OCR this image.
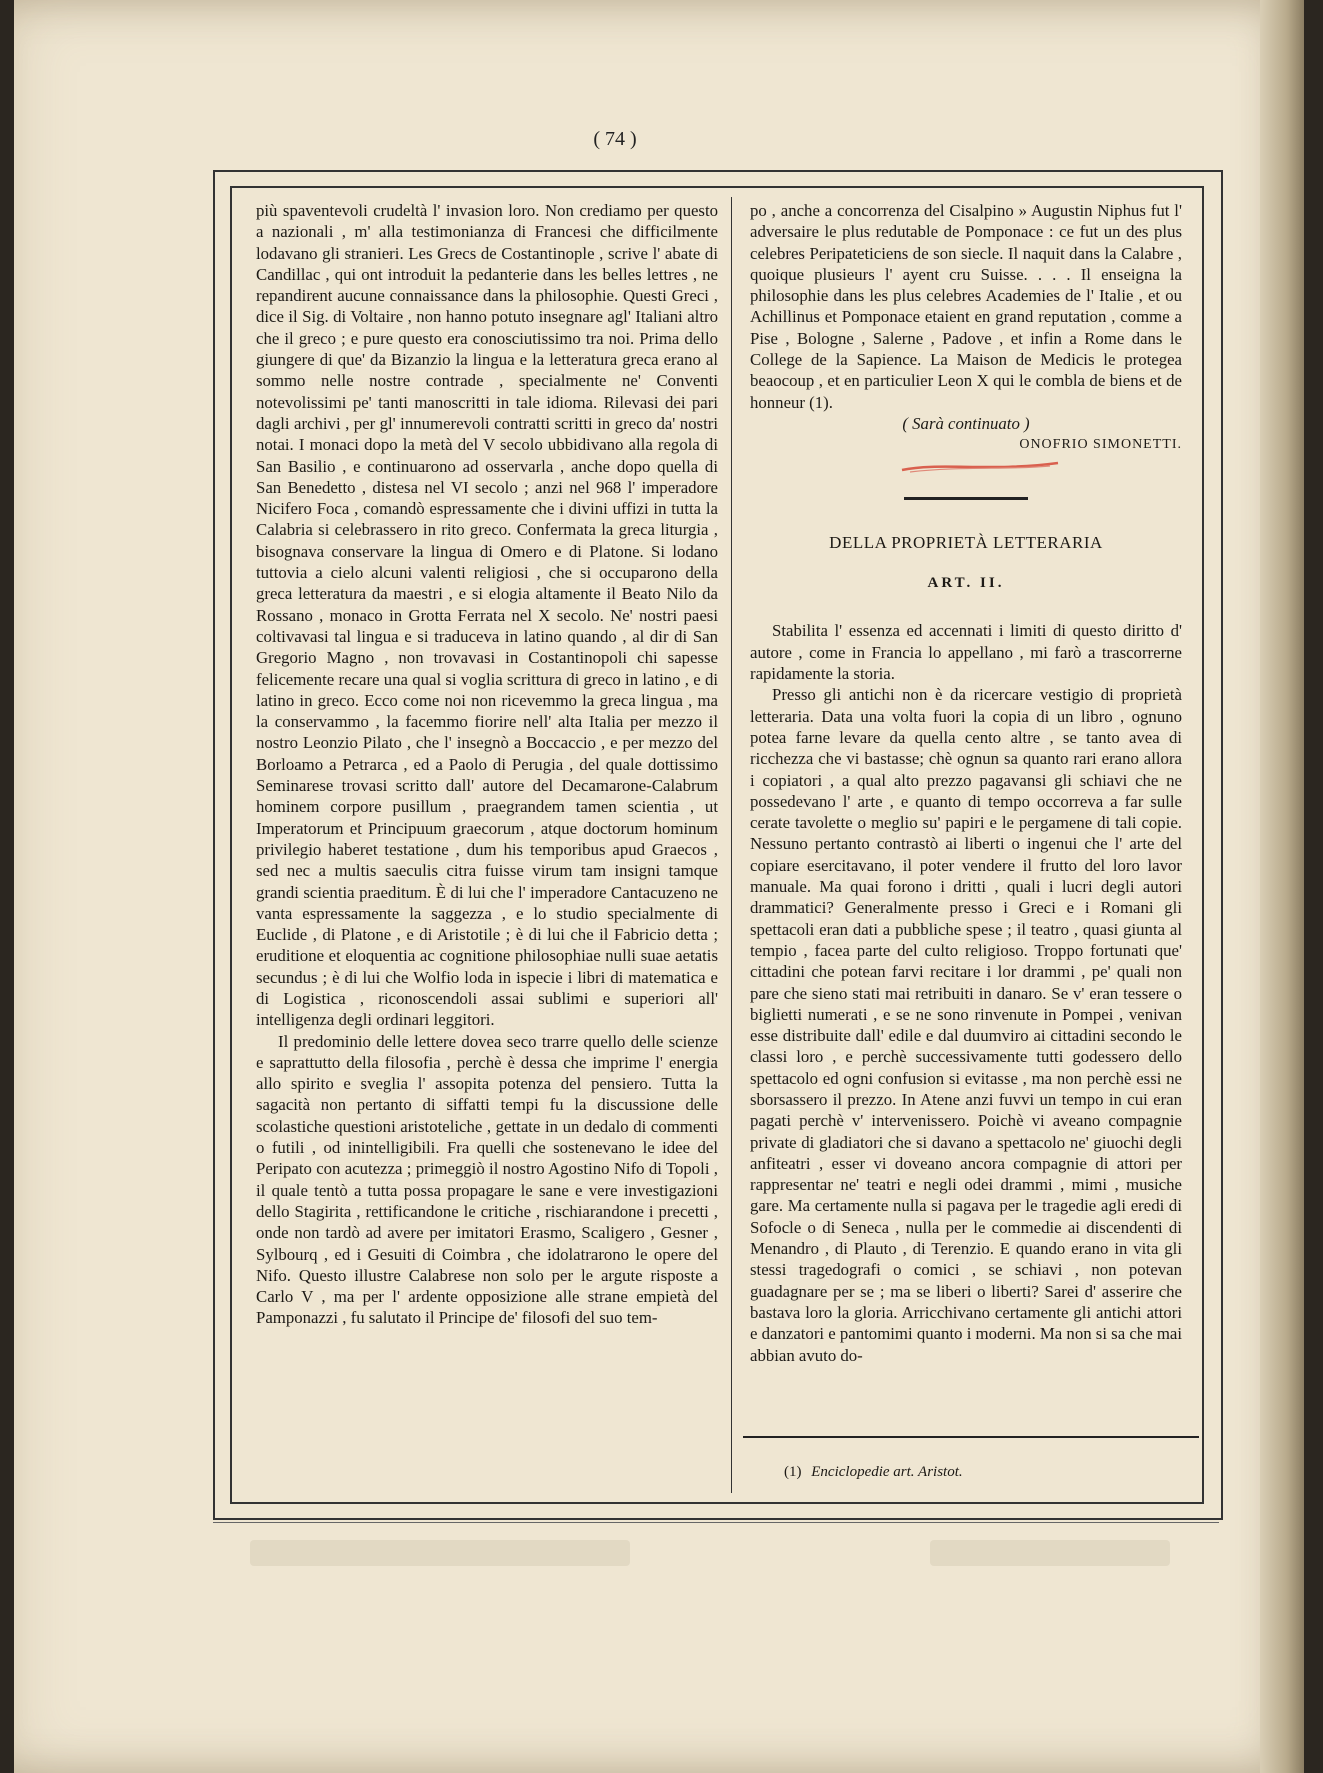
( 74 )

più spaventevoli crudeltà l' invasion loro. Non crediamo per questo a nazionali , m' alla testimonianza di Francesi che difficilmente lodavano gli stranieri. Les Grecs de Costantinople , scrive l' abate di Candillac , qui ont introduit la pedanterie dans les belles lettres , ne repandirent aucune connaissance dans la philosophie. Questi Greci , dice il Sig. di Voltaire , non hanno potuto insegnare agl' Italiani altro che il greco ; e pure questo era conosciutissimo tra noi. Prima dello giungere di que' da Bizanzio la lingua e la letteratura greca erano al sommo nelle nostre contrade , specialmente ne' Conventi notevolissimi pe' tanti manoscritti in tale idioma. Rilevasi dei pari dagli archivi , per gl' innumerevoli contratti scritti in greco da' nostri notai. I monaci dopo la metà del V secolo ubbidivano alla regola di San Basilio , e continuarono ad osservarla , anche dopo quella di San Benedetto , distesa nel VI secolo ; anzi nel 968 l' imperadore Nicifero Foca , comandò espressamente che i divini uffizi in tutta la Calabria si celebrassero in rito greco. Confermata la greca liturgia , bisognava conservare la lingua di Omero e di Platone. Si lodano tuttovia a cielo alcuni valenti religiosi , che si occuparono della greca letteratura da maestri , e si elogia altamente il Beato Nilo da Rossano , monaco in Grotta Ferrata nel X secolo. Ne' nostri paesi coltivavasi tal lingua e si traduceva in latino quando , al dir di San Gregorio Magno , non trovavasi in Costantinopoli chi sapesse felicemente recare una qual si voglia scrittura di greco in latino , e di latino in greco. Ecco come noi non ricevemmo la greca lingua , ma la conservammo , la facemmo fiorire nell' alta Italia per mezzo il nostro Leonzio Pilato , che l' insegnò a Boccaccio , e per mezzo del Borloamo a Petrarca , ed a Paolo di Perugia , del quale dottissimo Seminarese trovasi scritto dall' autore del Decamarone-Calabrum hominem corpore pusillum , praegrandem tamen scientia , ut Imperatorum et Principuum graecorum , atque doctorum hominum privilegio haberet testatione , dum his temporibus apud Graecos , sed nec a multis saeculis citra fuisse virum tam insigni tamque grandi scientia praeditum. È di lui che l' imperadore Cantacuzeno ne vanta espressamente la saggezza , e lo studio specialmente di Euclide , di Platone , e di Aristotile ; è di lui che il Fabricio detta ; eruditione et eloquentia ac cognitione philosophiae nulli suae aetatis secundus ; è di lui che Wolfio loda in ispecie i libri di matematica e di Logistica , riconoscendoli assai sublimi e superiori all' intelligenza degli ordinari leggitori.

Il predominio delle lettere dovea seco trarre quello delle scienze e saprattutto della filosofia , perchè è dessa che imprime l' energia allo spirito e sveglia l' assopita potenza del pensiero. Tutta la sagacità non pertanto di siffatti tempi fu la discussione delle scolastiche questioni aristoteliche , gettate in un dedalo di commenti o futili , od inintelligibili. Fra quelli che sostenevano le idee del Peripato con acutezza ; primeggiò il nostro Agostino Nifo di Topoli , il quale tentò a tutta possa propagare le sane e vere investigazioni dello Stagirita , rettificandone le critiche , rischiarandone i precetti , onde non tardò ad avere per imitatori Erasmo, Scaligero , Gesner , Sylbourq , ed i Gesuiti di Coimbra , che idolatrarono le opere del Nifo. Questo illustre Calabrese non solo per le argute risposte a Carlo V , ma per l' ardente opposizione alle strane empietà del Pamponazzi , fu salutato il Principe de' filosofi del suo tem-

po , anche a concorrenza del Cisalpino » Augustin Niphus fut l' adversaire le plus redutable de Pomponace : ce fut un des plus celebres Peripateticiens de son siecle. Il naquit dans la Calabre , quoique plusieurs l' ayent cru Suisse. . . . Il enseigna la philosophie dans les plus celebres Academies de l' Italie , et ou Achillinus et Pomponace etaient en grand reputation , comme a Pise , Bologne , Salerne , Padove , et infin a Rome dans le College de la Sapience. La Maison de Medicis le protegea beaocoup , et en particulier Leon X qui le combla de biens et de honneur (1).

( Sarà continuato )

ONOFRIO SIMONETTI.

DELLA PROPRIETÀ LETTERARIA
ART. II.

Stabilita l' essenza ed accennati i limiti di questo diritto d' autore , come in Francia lo appellano , mi farò a trascorrerne rapidamente la storia.

Presso gli antichi non è da ricercare vestigio di proprietà letteraria. Data una volta fuori la copia di un libro , ognuno potea farne levare da quella cento altre , se tanto avea di ricchezza che vi bastasse; chè ognun sa quanto rari erano allora i copiatori , a qual alto prezzo pagavansi gli schiavi che ne possedevano l' arte , e quanto di tempo occorreva a far sulle cerate tavolette o meglio su' papiri e le pergamene di tali copie. Nessuno pertanto contrastò ai liberti o ingenui che l' arte del copiare esercitavano, il poter vendere il frutto del loro lavor manuale. Ma quai forono i dritti , quali i lucri degli autori drammatici? Generalmente presso i Greci e i Romani gli spettacoli eran dati a pubbliche spese ; il teatro , quasi giunta al tempio , facea parte del culto religioso. Troppo fortunati que' cittadini che potean farvi recitare i lor drammi , pe' quali non pare che sieno stati mai retribuiti in danaro. Se v' eran tessere o biglietti numerati , e se ne sono rinvenute in Pompei , venivan esse distribuite dall' edile e dal duumviro ai cittadini secondo le classi loro , e perchè successivamente tutti godessero dello spettacolo ed ogni confusion si evitasse , ma non perchè essi ne sborsassero il prezzo. In Atene anzi fuvvi un tempo in cui eran pagati perchè v' intervenissero. Poichè vi aveano compagnie private di gladiatori che si davano a spettacolo ne' giuochi degli anfiteatri , esser vi doveano ancora compagnie di attori per rappresentar ne' teatri e negli odei drammi , mimi , musiche gare. Ma certamente nulla si pagava per le tragedie agli eredi di Sofocle o di Seneca , nulla per le commedie ai discendenti di Menandro , di Plauto , di Terenzio. E quando erano in vita gli stessi tragedografi o comici , se schiavi , non potevan guadagnare per se ; ma se liberi o liberti? Sarei d' asserire che bastava loro la gloria. Arricchivano certamente gli antichi attori e danzatori e pantomimi quanto i moderni. Ma non si sa che mai abbian avuto do-

(1) Enciclopedie art. Aristot.
